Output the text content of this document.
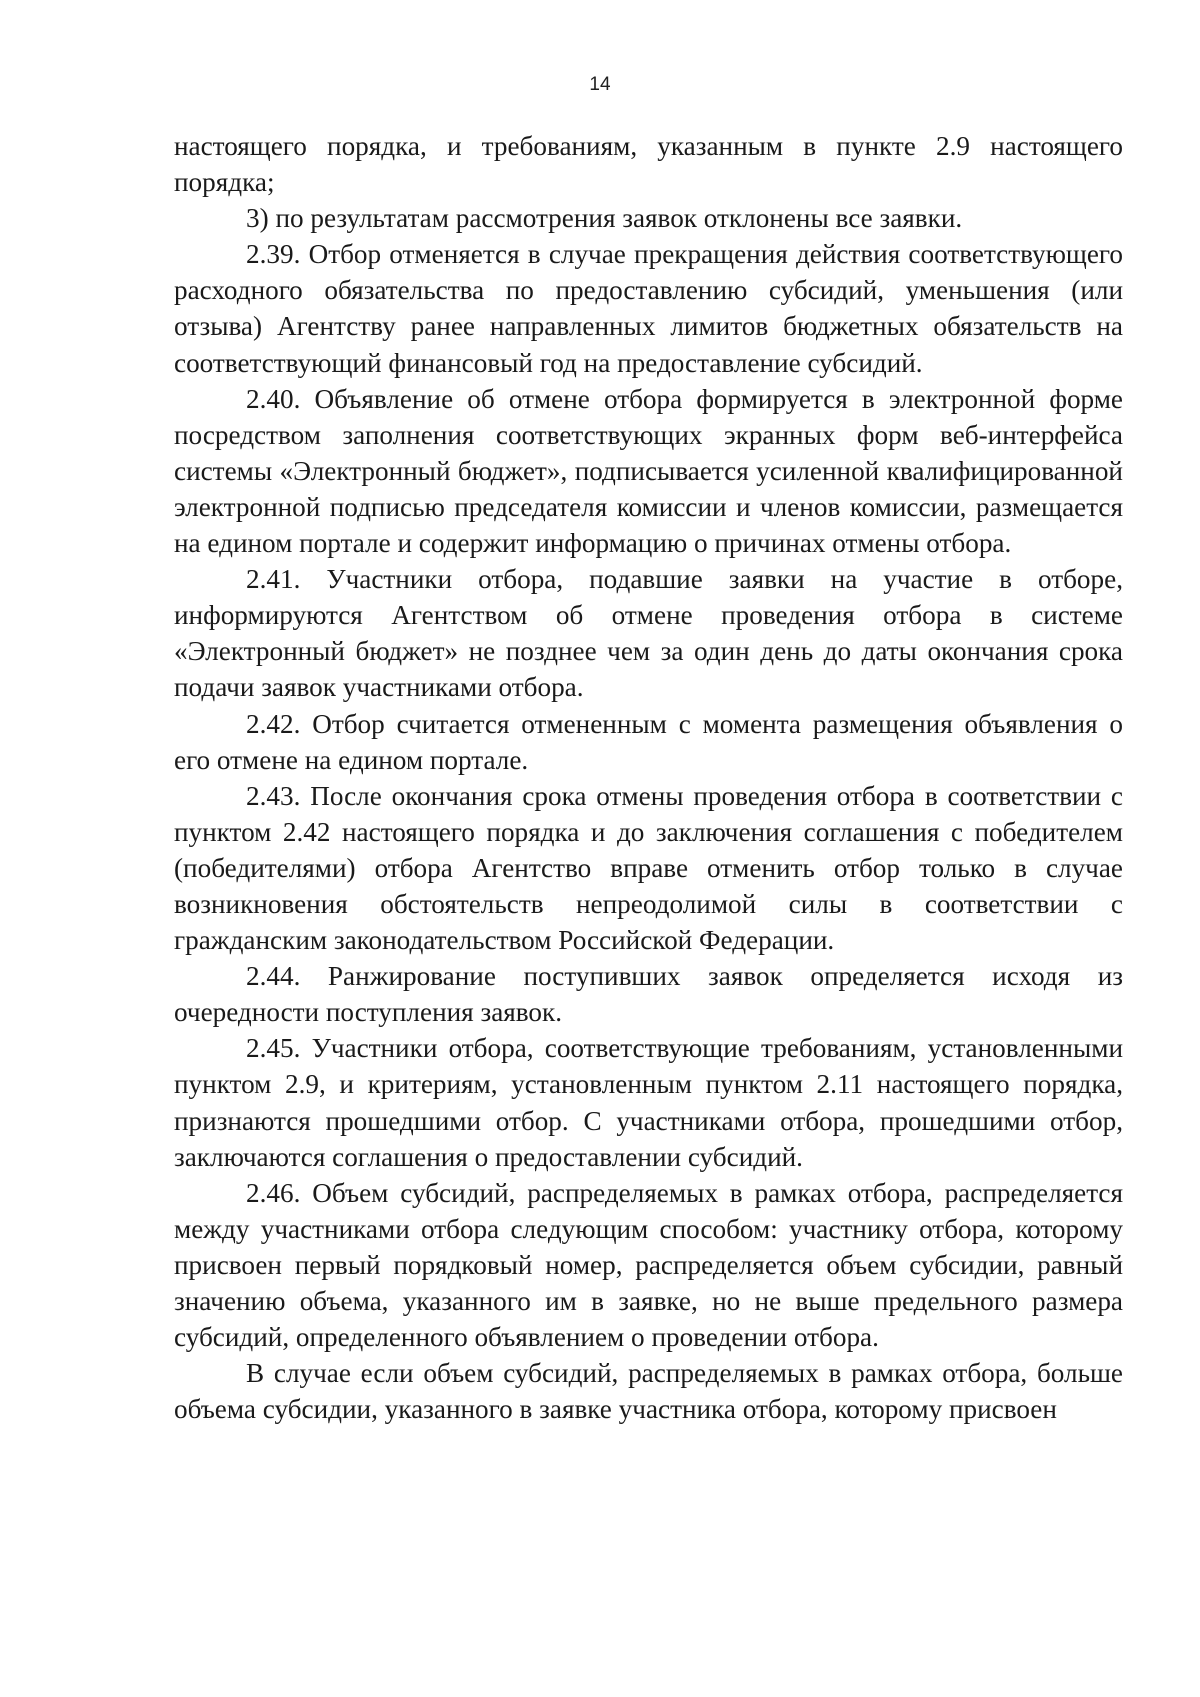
14

настоящего порядка, и требованиям, указанным в пункте 2.9 настоящего порядка;

3) по результатам рассмотрения заявок отклонены все заявки.

2.39. Отбор отменяется в случае прекращения действия соответствующего расходного обязательства по предоставлению субсидий, уменьшения (или отзыва) Агентству ранее направленных лимитов бюджетных обязательств на соответствующий финансовый год на предоставление субсидий.

2.40. Объявление об отмене отбора формируется в электронной форме посредством заполнения соответствующих экранных форм веб-интерфейса системы «Электронный бюджет», подписывается усиленной квалифицированной электронной подписью председателя комиссии и членов комиссии, размещается на едином портале и содержит информацию о причинах отмены отбора.

2.41. Участники отбора, подавшие заявки на участие в отборе, информируются Агентством об отмене проведения отбора в системе «Электронный бюджет» не позднее чем за один день до даты окончания срока подачи заявок участниками отбора.

2.42. Отбор считается отмененным с момента размещения объявления о его отмене на едином портале.

2.43. После окончания срока отмены проведения отбора в соответствии с пунктом 2.42 настоящего порядка и до заключения соглашения с победителем (победителями) отбора Агентство вправе отменить отбор только в случае возникновения обстоятельств непреодолимой силы в соответствии с гражданским законодательством Российской Федерации.

2.44. Ранжирование поступивших заявок определяется исходя из очередности поступления заявок.

2.45. Участники отбора, соответствующие требованиям, установленными пунктом 2.9, и критериям, установленным пунктом 2.11 настоящего порядка, признаются прошедшими отбор. С участниками отбора, прошедшими отбор, заключаются соглашения о предоставлении субсидий.

2.46. Объем субсидий, распределяемых в рамках отбора, распределяется между участниками отбора следующим способом: участнику отбора, которому присвоен первый порядковый номер, распределяется объем субсидии, равный значению объема, указанного им в заявке, но не выше предельного размера субсидий, определенного объявлением о проведении отбора.

В случае если объем субсидий, распределяемых в рамках отбора, больше объема субсидии, указанного в заявке участника отбора, которому присвоен
